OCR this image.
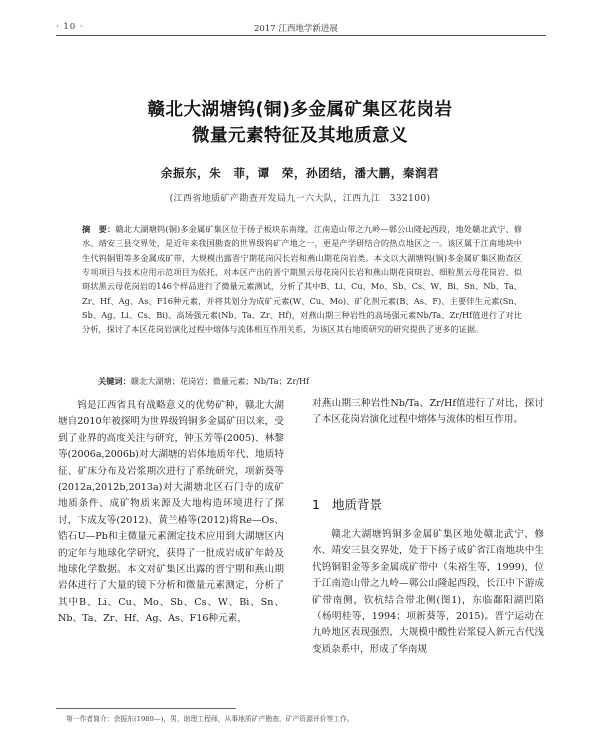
· 10 ·	2017 江西地学新进展
赣北大湖塘钨(铜)多金属矿集区花岗岩
微量元素特征及其地质意义
余振东，朱　菲，谭　荣，孙团结，潘大鹏，秦润君
(江西省地质矿产勘查开发局九一六大队，江西九江　332100)

摘　要：赣北大湖塘钨(铜)多金属矿集区位于扬子板块东南缘，江南造山带之九岭—鄣公山隆起西段，地处赣北武宁、修水、靖安三县交界处，是近年来我国勘查的世界级钨矿产地之一，更是产学研结合的热点地区之一。该区属于江南地块中生代钨铜钼等多金属成矿带，大规模出露晋宁期花岗闪长岩和燕山期花岗岩类。本文以大湖塘钨(铜)多金属矿集区勘查区专项项目与技术应用示范项目为依托，对本区产出的晋宁期黑云母花岗闪长岩和燕山期花岗斑岩、细粒黑云母花岗岩、似斑状黑云母花岗岩的146个样品进行了微量元素测试，分析了其中B、Li、Cu、Mo、Sb、Cs、W、Bi、Sn、Nb、Ta、Zr、Hf、Ag、As、F16种元素，并将其划分为成矿元素(W、Cu、Mo)、矿化剂元素(B、As、F)、主要伴生元素(Sn、Sb、Ag、Li、Cs、Bi)、高场强元素(Nb、Ta、Zr、Hf)，对燕山期三种岩性的高场强元素Nb/Ta、Zr/Hf值进行了对比分析，探讨了本区花岗岩演化过程中熔体与流体相互作用关系，为该区其右地质研究的研究提供了更多的证据。

关键词：赣北大湖塘；花岗岩；微量元素；Nb/Ta；Zr/Hf

钨是江西省具有战略意义的优势矿种，赣北大湖塘自2010年被探明为世界级钨铜多金属矿田以来，受到了业界的高度关注与研究，钟玉芳等(2005)、林黎等(2006a,2006b)对大湖塘的岩体地质年代、地质特征、矿床分布及岩浆期次进行了系统研究，项新葵等(2012a,2012b,2013a)对大湖塘北区石门寺的成矿地质条件、成矿物质来源及大地构造环境进行了探讨，卞成友等(2012)、黄兰椿等(2012)将Re—Os、锆石U—Pb和主微量元素测定技术应用到大湖塘区内的定年与地球化学研究，获得了一批成岩成矿年龄及地球化学数据。本文对矿集区出露的晋宁期和燕山期岩体进行了大量的镜下分析和微量元素测定，分析了其中B、Li、Cu、Mo、Sb、Cs、W、Bi、Sn、Nb、Ta、Zr、Hf、Ag、As、F16种元素，

对燕山期三种岩性Nb/Ta、Zr/Hf值进行了对比，探讨了本区花岗岩演化过程中熔体与流体的相互作用。

1 地质背景

赣北大湖塘钨铜多金属矿集区地处赣北武宁、修水、靖安三县交界处，处于下扬子成矿省江南地块中生代钨铜钼金等多金属成矿带中（朱裕生等，1999)，位于江南造山带之九岭—鄣公山隆起西段，长江中下游成矿带南侧，钦杭结合带北侧(图1)，东临鄱阳湖凹陷（杨明桂等，1994；项新葵等，2015)。晋宁运动在九岭地区表现强烈，大规模中酸性岩浆侵入新元古代浅变质杂系中，形成了华南规

第一作者简介：余振东(1989—)，男，助理工程师，从事地质矿产勘查、矿产资源评价等工作。
